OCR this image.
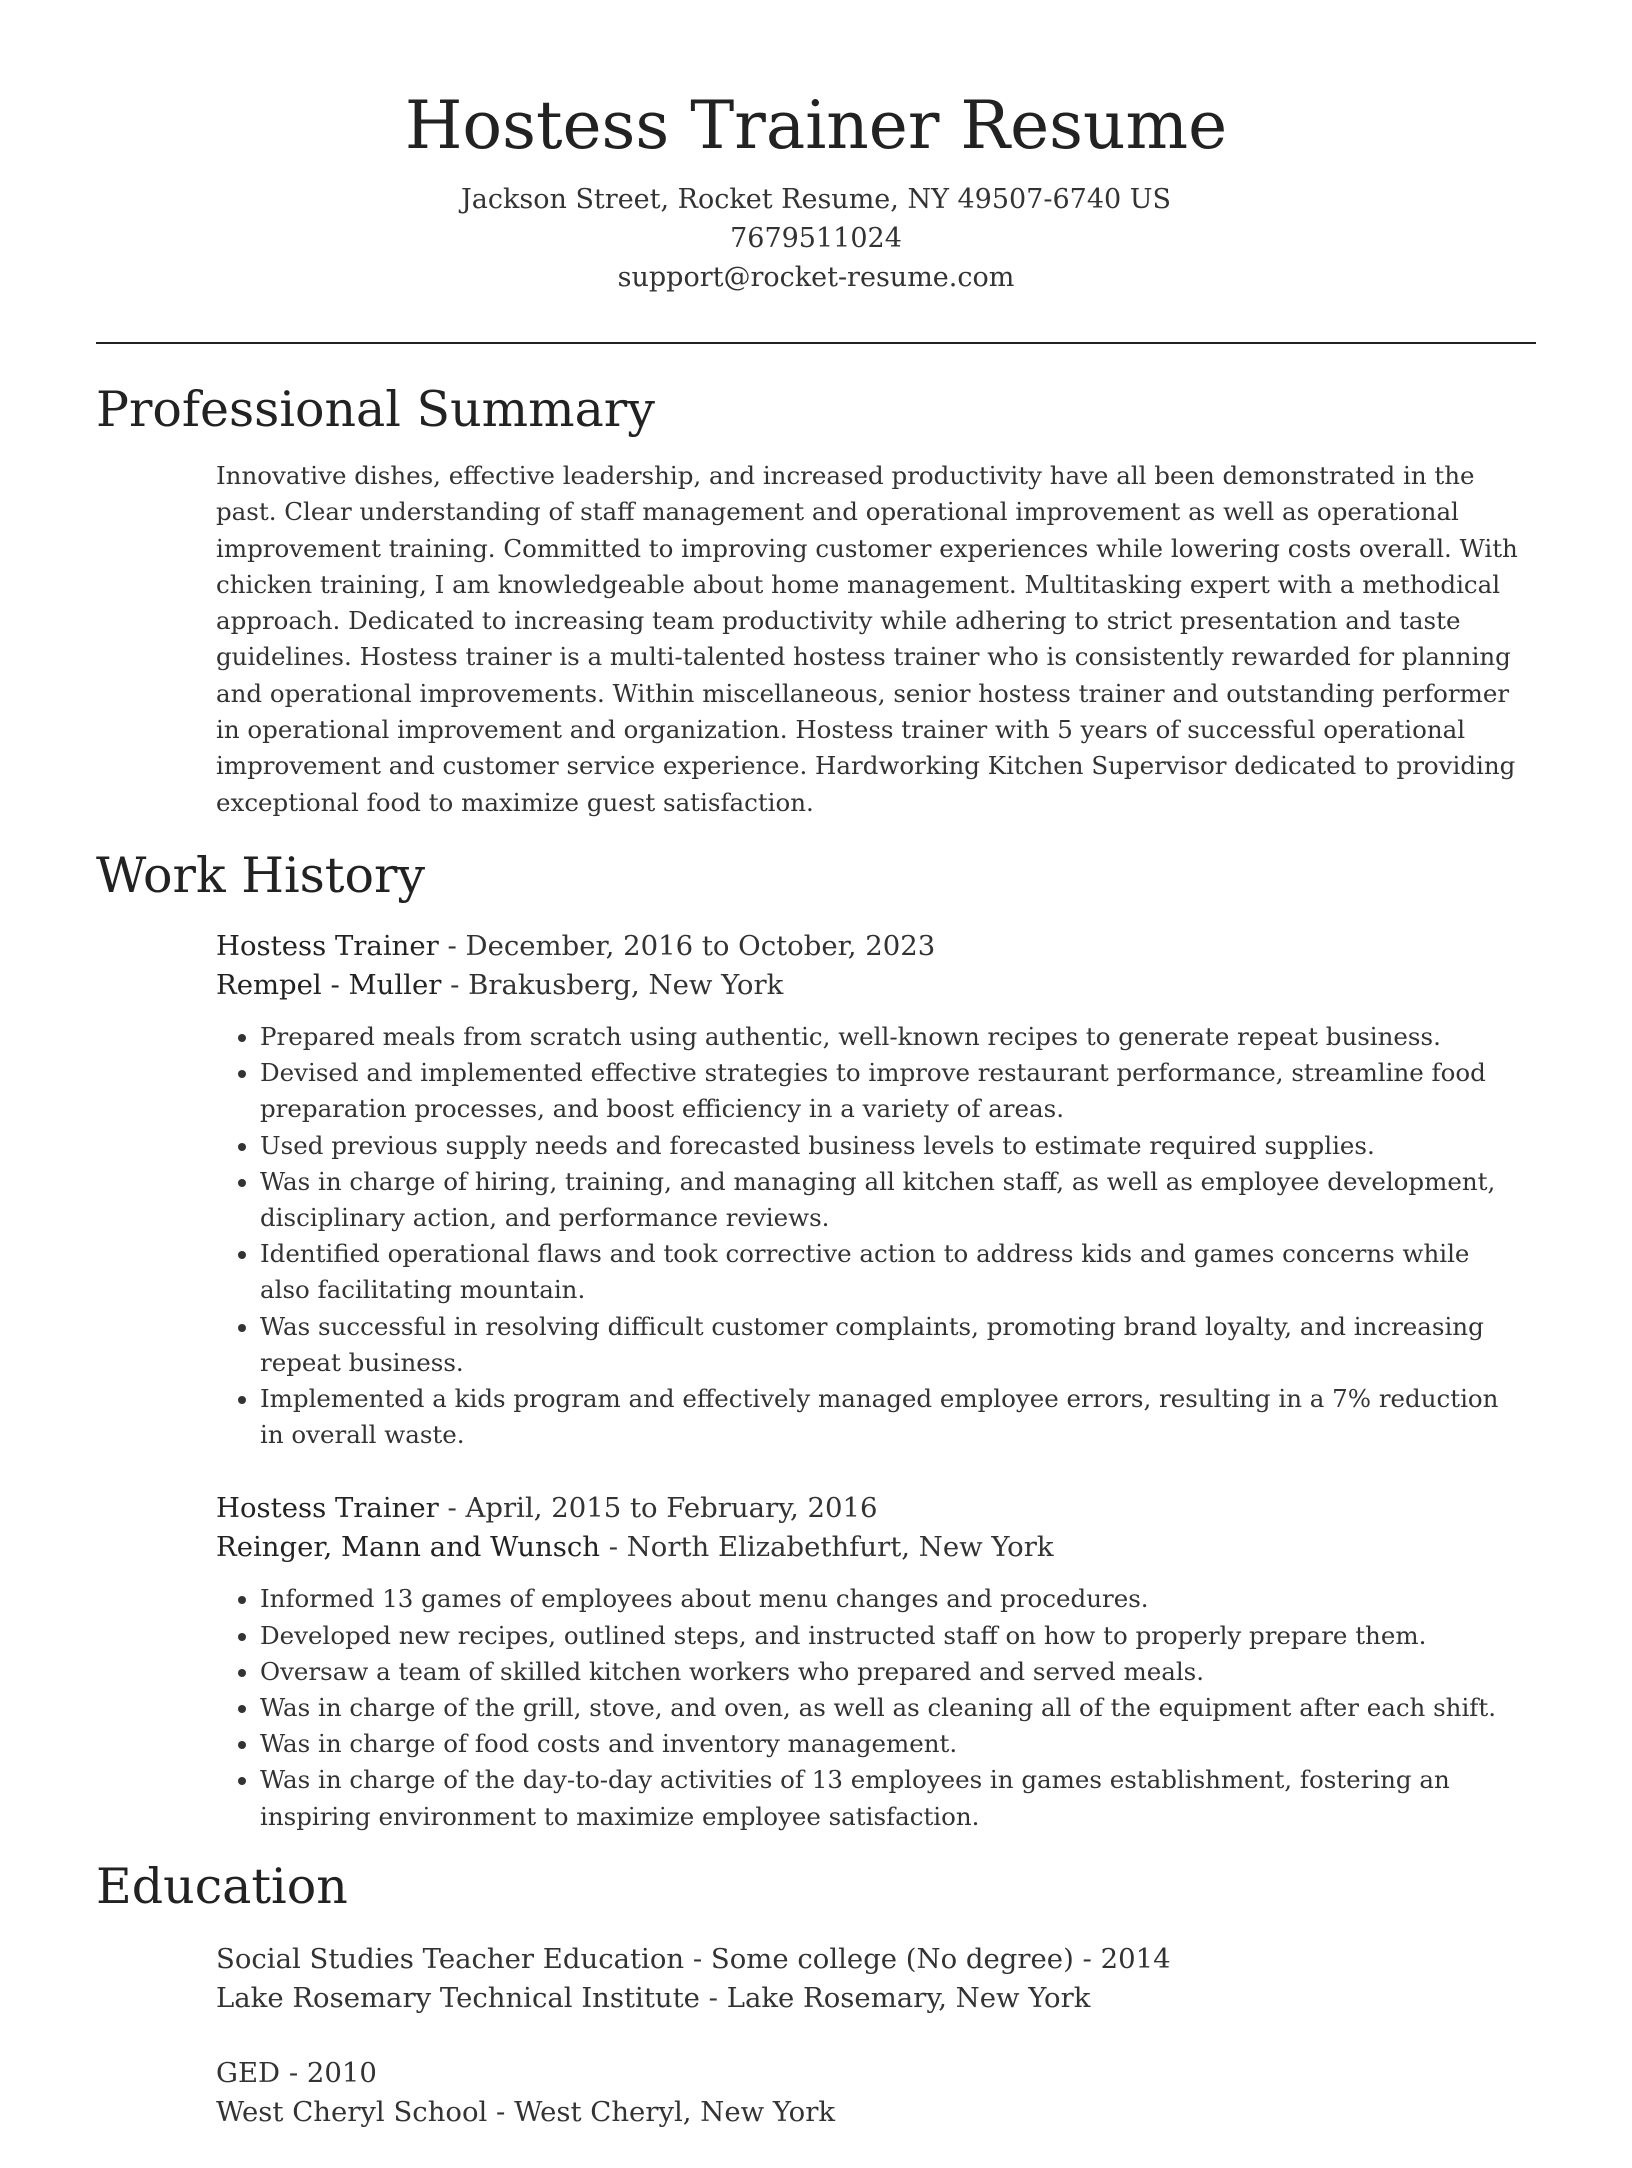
Hostess Trainer Resume
Jackson Street, Rocket Resume, NY 49507-6740 US
7679511024
support@rocket-resume.com
Professional Summary

Innovative dishes, effective leadership, and increased productivity have all been demonstrated in the past. Clear understanding of staff management and operational improvement as well as operational improvement training. Committed to improving customer experiences while lowering costs overall. With chicken training, I am knowledgeable about home management. Multitasking expert with a methodical approach. Dedicated to increasing team productivity while adhering to strict presentation and taste guidelines. Hostess trainer is a multi-talented hostess trainer who is consistently rewarded for planning and operational improvements. Within miscellaneous, senior hostess trainer and outstanding performer in operational improvement and organization. Hostess trainer with 5 years of successful operational improvement and customer service experience. Hardworking Kitchen Supervisor dedicated to providing exceptional food to maximize guest satisfaction.

Work History
Hostess Trainer - December, 2016 to October, 2023
Rempel - Muller - Brakusberg, New York
• Prepared meals from scratch using authentic, well-known recipes to generate repeat business.
• Devised and implemented effective strategies to improve restaurant performance, streamline food preparation processes, and boost efficiency in a variety of areas.
• Used previous supply needs and forecasted business levels to estimate required supplies.
• Was in charge of hiring, training, and managing all kitchen staff, as well as employee development, disciplinary action, and performance reviews.
• Identified operational flaws and took corrective action to address kids and games concerns while also facilitating mountain.
• Was successful in resolving difficult customer complaints, promoting brand loyalty, and increasing repeat business.
• Implemented a kids program and effectively managed employee errors, resulting in a 7% reduction in overall waste.
Hostess Trainer - April, 2015 to February, 2016
Reinger, Mann and Wunsch - North Elizabethfurt, New York
• Informed 13 games of employees about menu changes and procedures.
• Developed new recipes, outlined steps, and instructed staff on how to properly prepare them.
• Oversaw a team of skilled kitchen workers who prepared and served meals.
• Was in charge of the grill, stove, and oven, as well as cleaning all of the equipment after each shift.
• Was in charge of food costs and inventory management.
• Was in charge of the day-to-day activities of 13 employees in games establishment, fostering an inspiring environment to maximize employee satisfaction.
Education
Social Studies Teacher Education - Some college (No degree) - 2014
Lake Rosemary Technical Institute - Lake Rosemary, New York
GED - 2010
West Cheryl School - West Cheryl, New York
